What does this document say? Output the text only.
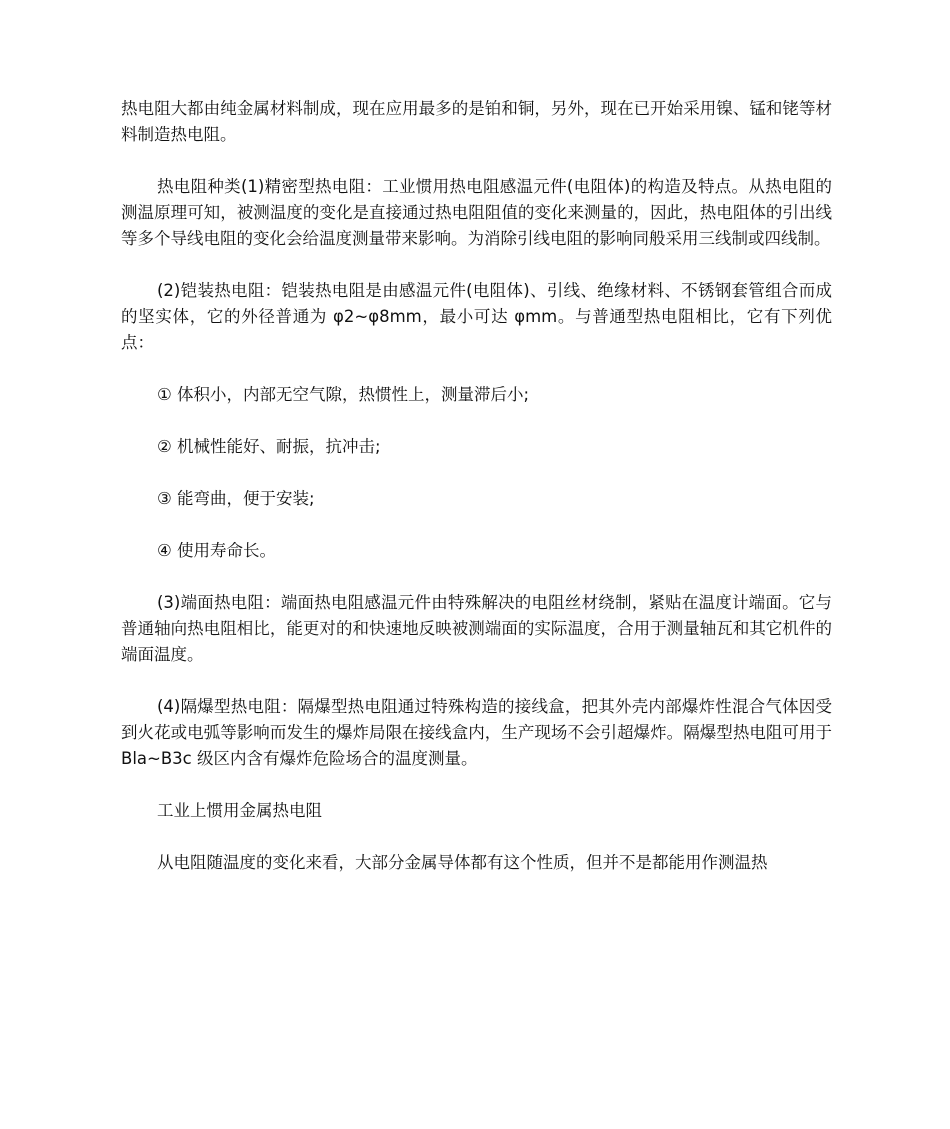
热电阻大都由纯金属材料制成，现在应用最多的是铂和铜，另外，现在已开始采用镍、锰和铑等材料制造热电阻。

热电阻种类(1)精密型热电阻：工业惯用热电阻感温元件(电阻体)的构造及特点。从热电阻的测温原理可知，被测温度的变化是直接通过热电阻阻值的变化来测量的，因此，热电阻体的引出线等多个导线电阻的变化会给温度测量带来影响。为消除引线电阻的影响同般采用三线制或四线制。

(2)铠装热电阻：铠装热电阻是由感温元件(电阻体)、引线、绝缘材料、不锈钢套管组合而成的坚实体，它的外径普通为 φ2~φ8mm，最小可达 φmm。与普通型热电阻相比，它有下列优点：

① 体积小，内部无空气隙，热惯性上，测量滞后小;

② 机械性能好、耐振，抗冲击;

③ 能弯曲，便于安装;

④ 使用寿命长。

(3)端面热电阻：端面热电阻感温元件由特殊解决的电阻丝材绕制，紧贴在温度计端面。它与普通轴向热电阻相比，能更对的和快速地反映被测端面的实际温度，合用于测量轴瓦和其它机件的端面温度。

(4)隔爆型热电阻：隔爆型热电阻通过特殊构造的接线盒，把其外壳内部爆炸性混合气体因受到火花或电弧等影响而发生的爆炸局限在接线盒内，生产现场不会引超爆炸。隔爆型热电阻可用于 Bla~B3c 级区内含有爆炸危险场合的温度测量。

工业上惯用金属热电阻

从电阻随温度的变化来看，大部分金属导体都有这个性质，但并不是都能用作测温热
